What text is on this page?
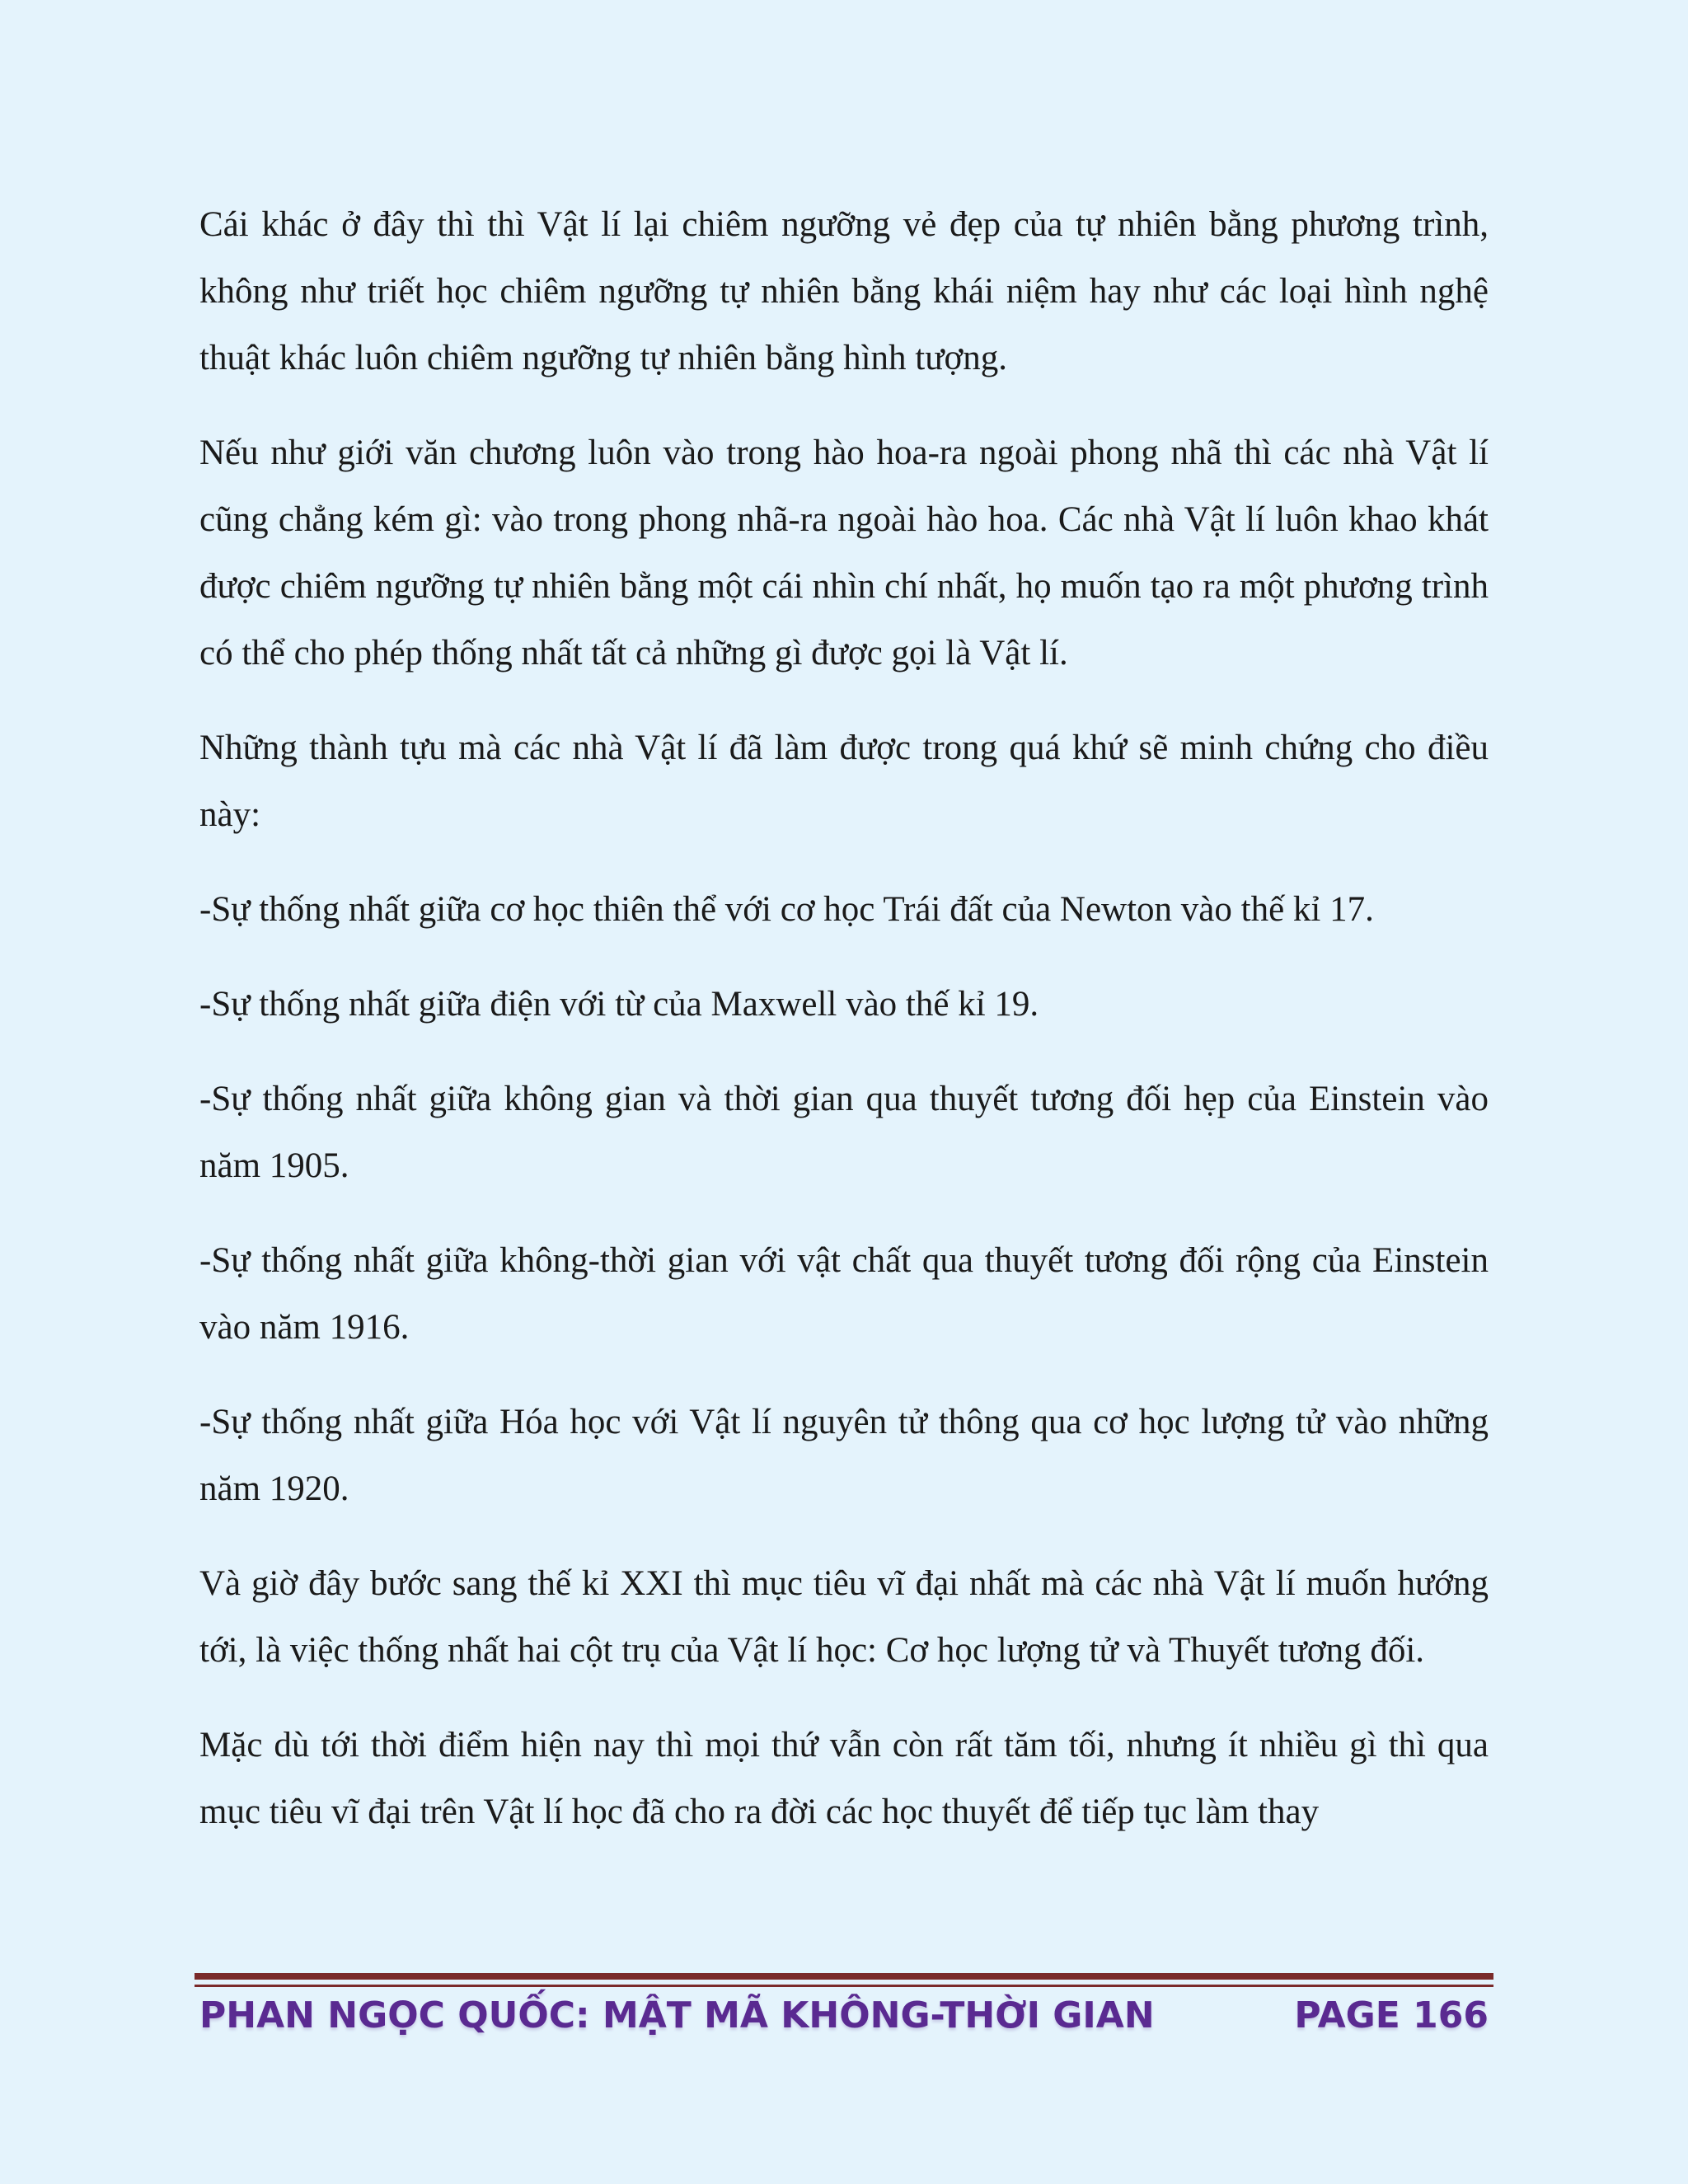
Cái khác ở đây thì thì Vật lí lại chiêm ngưỡng vẻ đẹp của tự nhiên bằng phương trình, không như triết học chiêm ngưỡng tự nhiên bằng khái niệm hay như các loại hình nghệ thuật khác luôn chiêm ngưỡng tự nhiên bằng hình tượng.

Nếu như giới văn chương luôn vào trong hào hoa-ra ngoài phong nhã thì các nhà Vật lí cũng chẳng kém gì: vào trong phong nhã-ra ngoài hào hoa. Các nhà Vật lí luôn khao khát được chiêm ngưỡng tự nhiên bằng một cái nhìn chí nhất, họ muốn tạo ra một phương trình có thể cho phép thống nhất tất cả những gì được gọi là Vật lí.

Những thành tựu mà các nhà Vật lí đã làm được trong quá khứ sẽ minh chứng cho điều này:

-Sự thống nhất giữa cơ học thiên thể với cơ học Trái đất của Newton vào thế kỉ 17.

-Sự thống nhất giữa điện với từ của Maxwell vào thế kỉ 19.

-Sự thống nhất giữa không gian và thời gian qua thuyết tương đối hẹp của Einstein vào năm 1905.

-Sự thống nhất giữa không-thời gian với vật chất qua thuyết tương đối rộng của Einstein vào năm 1916.

-Sự thống nhất giữa Hóa học với Vật lí nguyên tử thông qua cơ học lượng tử vào những năm 1920.

Và giờ đây bước sang thế kỉ XXI thì mục tiêu vĩ đại nhất mà các nhà Vật lí muốn hướng tới, là việc thống nhất hai cột trụ của Vật lí học: Cơ học lượng tử và Thuyết tương đối.

Mặc dù tới thời điểm hiện nay thì mọi thứ vẫn còn rất tăm tối, nhưng ít nhiều gì thì qua mục tiêu vĩ đại trên Vật lí học đã cho ra đời các học thuyết để tiếp tục làm thay

PHAN NGỌC QUỐC: MẬT MÃ KHÔNG-THỜI GIAN	PAGE 166
